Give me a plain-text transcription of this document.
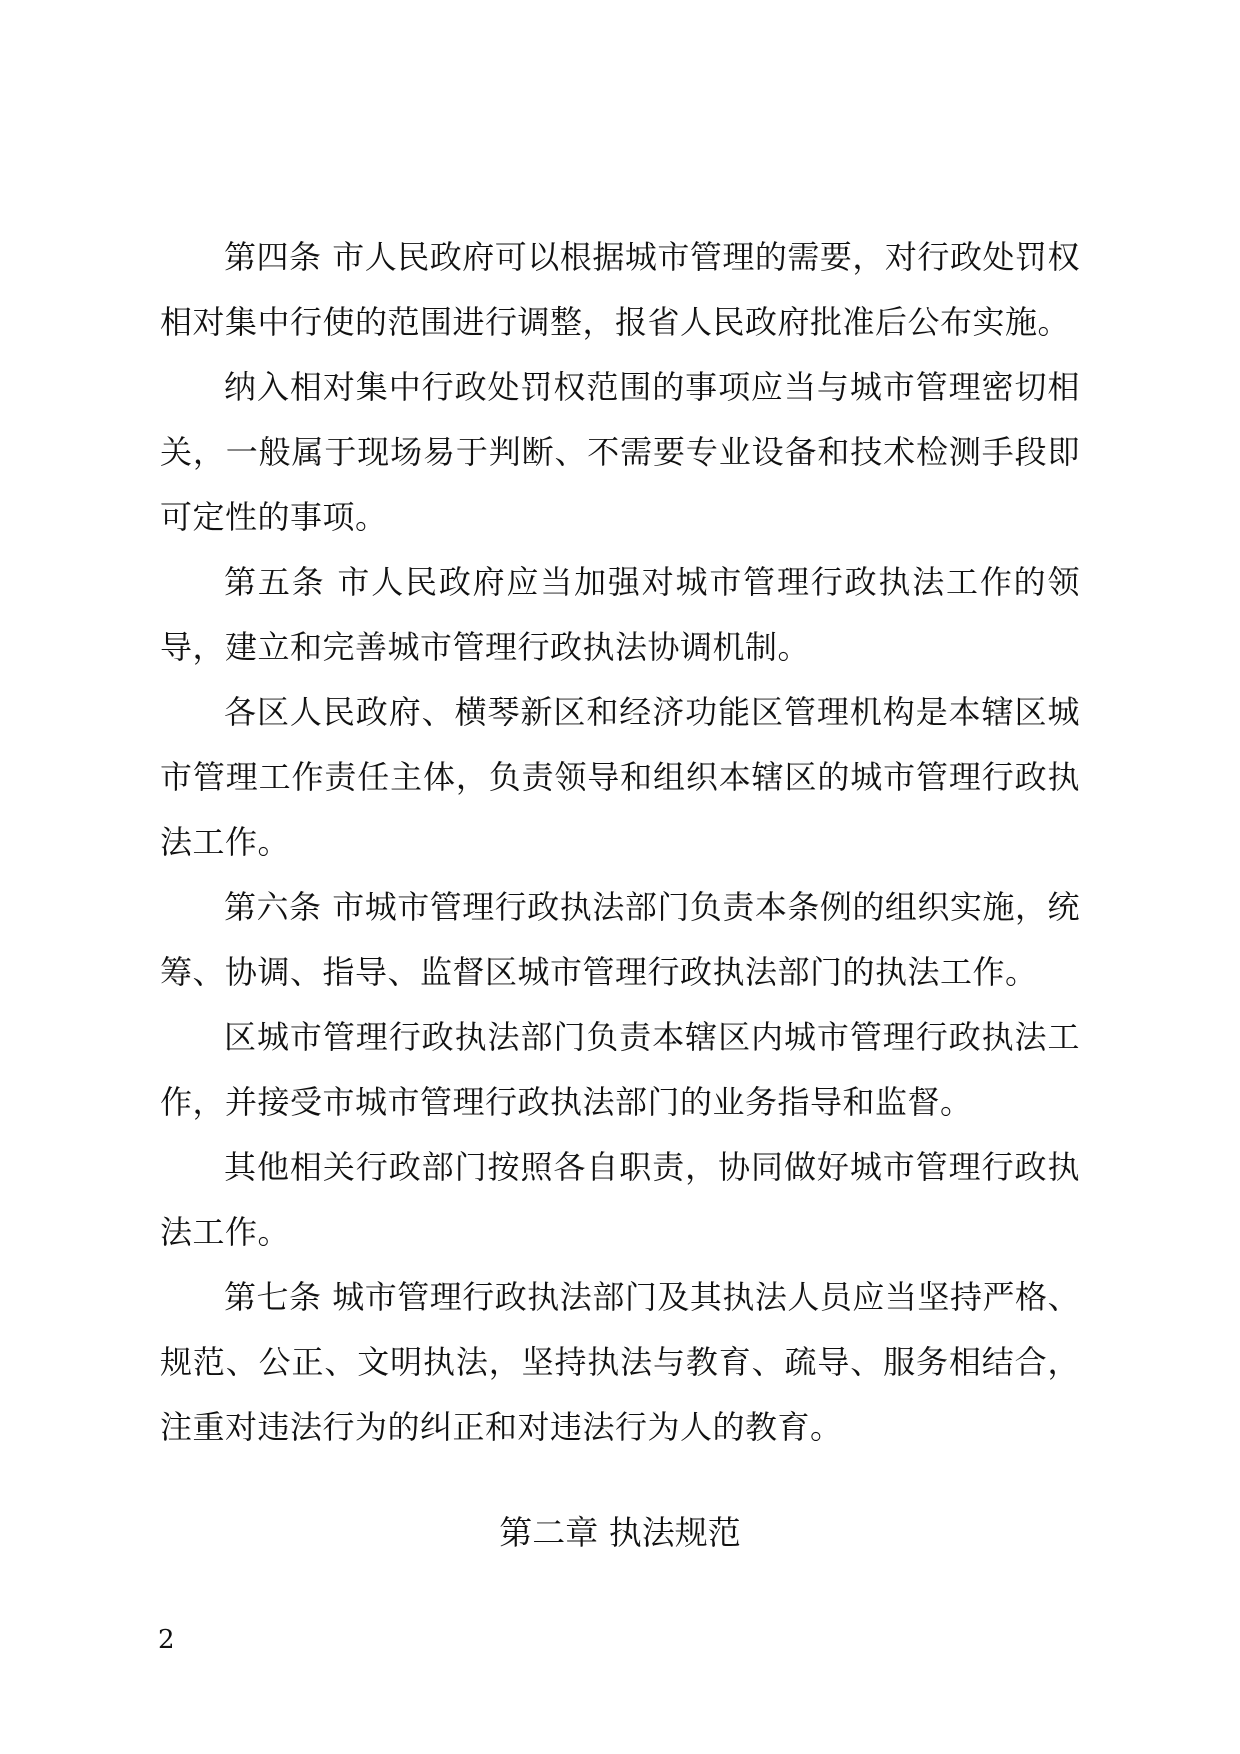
第四条 市人民政府可以根据城市管理的需要，对行政处罚权相对集中行使的范围进行调整，报省人民政府批准后公布实施。

纳入相对集中行政处罚权范围的事项应当与城市管理密切相关，一般属于现场易于判断、不需要专业设备和技术检测手段即可定性的事项。

第五条 市人民政府应当加强对城市管理行政执法工作的领导，建立和完善城市管理行政执法协调机制。

各区人民政府、横琴新区和经济功能区管理机构是本辖区城市管理工作责任主体，负责领导和组织本辖区的城市管理行政执法工作。

第六条 市城市管理行政执法部门负责本条例的组织实施，统筹、协调、指导、监督区城市管理行政执法部门的执法工作。

区城市管理行政执法部门负责本辖区内城市管理行政执法工作，并接受市城市管理行政执法部门的业务指导和监督。

其他相关行政部门按照各自职责，协同做好城市管理行政执法工作。

第七条 城市管理行政执法部门及其执法人员应当坚持严格、规范、公正、文明执法，坚持执法与教育、疏导、服务相结合，注重对违法行为的纠正和对违法行为人的教育。

第二章 执法规范
2
